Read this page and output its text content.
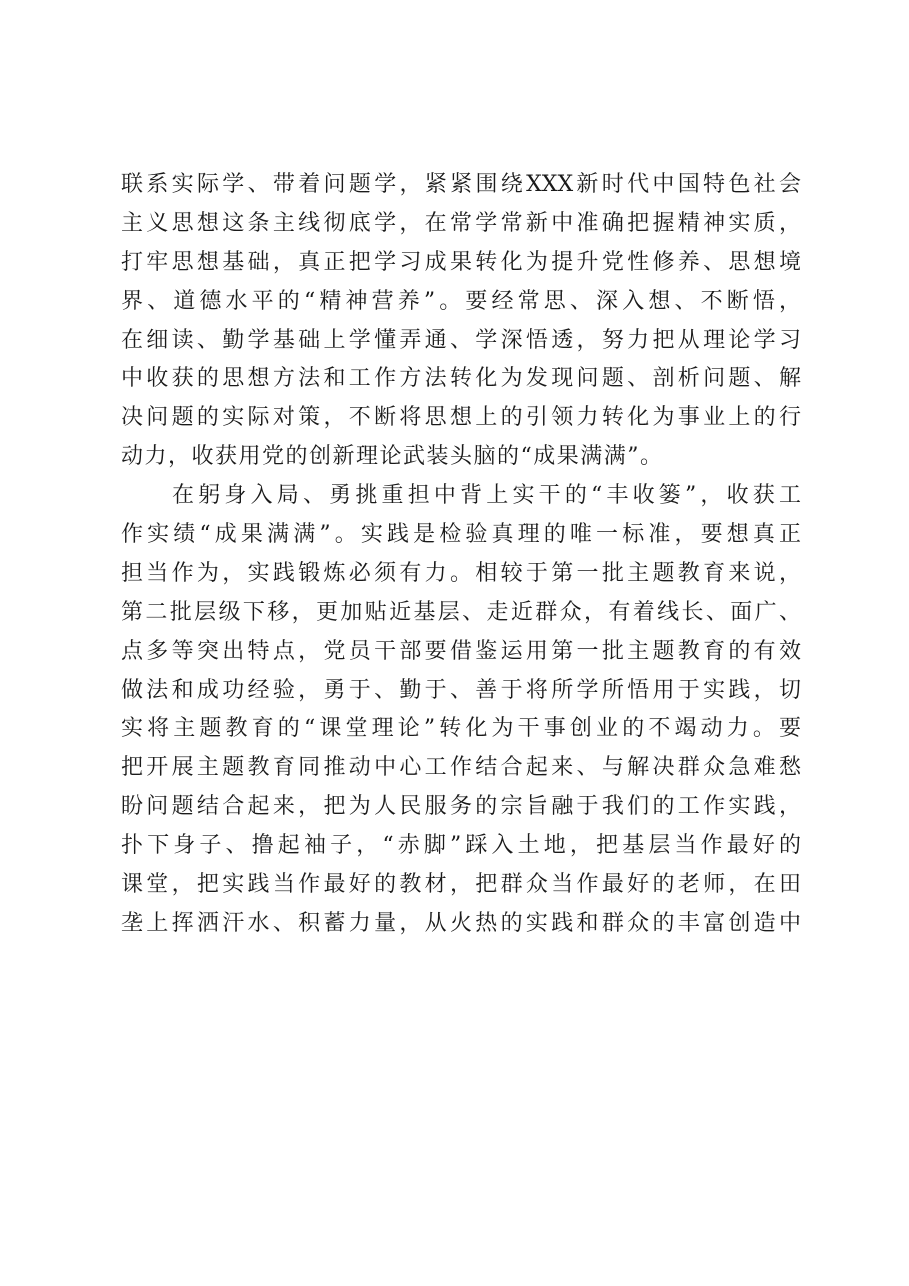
联系实际学、带着问题学，紧紧围绕XXX新时代中国特色社会
主义思想这条主线彻底学，在常学常新中准确把握精神实质，
打牢思想基础，真正把学习成果转化为提升党性修养、思想境
界、道德水平的“精神营养”。要经常思、深入想、不断悟，
在细读、勤学基础上学懂弄通、学深悟透，努力把从理论学习
中收获的思想方法和工作方法转化为发现问题、剖析问题、解
决问题的实际对策，不断将思想上的引领力转化为事业上的行
动力，收获用党的创新理论武装头脑的“成果满满”。
在躬身入局、勇挑重担中背上实干的“丰收篓”，收获工
作实绩“成果满满”。实践是检验真理的唯一标准，要想真正
担当作为，实践锻炼必须有力。相较于第一批主题教育来说，
第二批层级下移，更加贴近基层、走近群众，有着线长、面广、
点多等突出特点，党员干部要借鉴运用第一批主题教育的有效
做法和成功经验，勇于、勤于、善于将所学所悟用于实践，切
实将主题教育的“课堂理论”转化为干事创业的不竭动力。要
把开展主题教育同推动中心工作结合起来、与解决群众急难愁
盼问题结合起来，把为人民服务的宗旨融于我们的工作实践，
扑下身子、撸起袖子，“赤脚”踩入土地，把基层当作最好的
课堂，把实践当作最好的教材，把群众当作最好的老师，在田
垄上挥洒汗水、积蓄力量，从火热的实践和群众的丰富创造中
